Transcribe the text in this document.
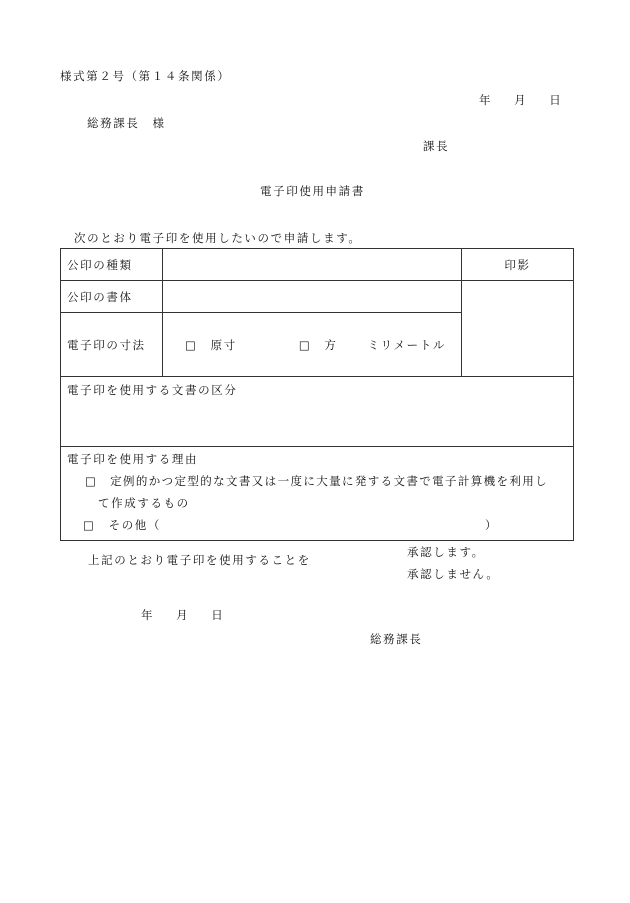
様式第２号（第１４条関係）
年 月 日
総務課長　様
課長
電子印使用申請書
次のとおり電子印を使用したいので申請します。
公印の種類		印影
公印の書体		
電子印の寸法	□　原寸 □　方 ミリメートル	
電子印を使用する文書の区分		

電子印を使用する理由
□　定例的かつ定型的な文書又は一度に大量に発する文書で電子計算機を利用し
て作成するもの
□　その他（ ）		
上記のとおり電子印を使用することを
承認します。
承認しません。
年 月 日
総務課長
